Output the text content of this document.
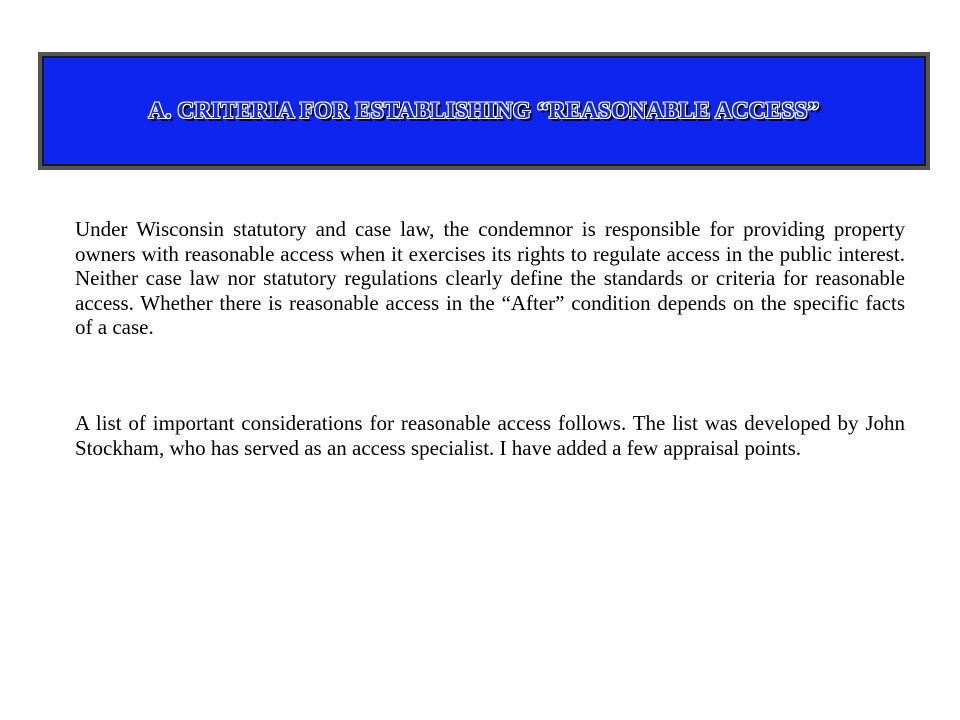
A. CRITERIA FOR ESTABLISHING “REASONABLE ACCESS”

Under Wisconsin statutory and case law, the condemnor is responsible for providing property owners with reasonable access when it exercises its rights to regulate access in the public interest. Neither case law nor statutory regulations clearly define the standards or criteria for reasonable access. Whether there is reasonable access in the “After” condition depends on the specific facts of a case.

A list of important considerations for reasonable access follows. The list was developed by John Stockham, who has served as an access specialist. I have added a few appraisal points.
